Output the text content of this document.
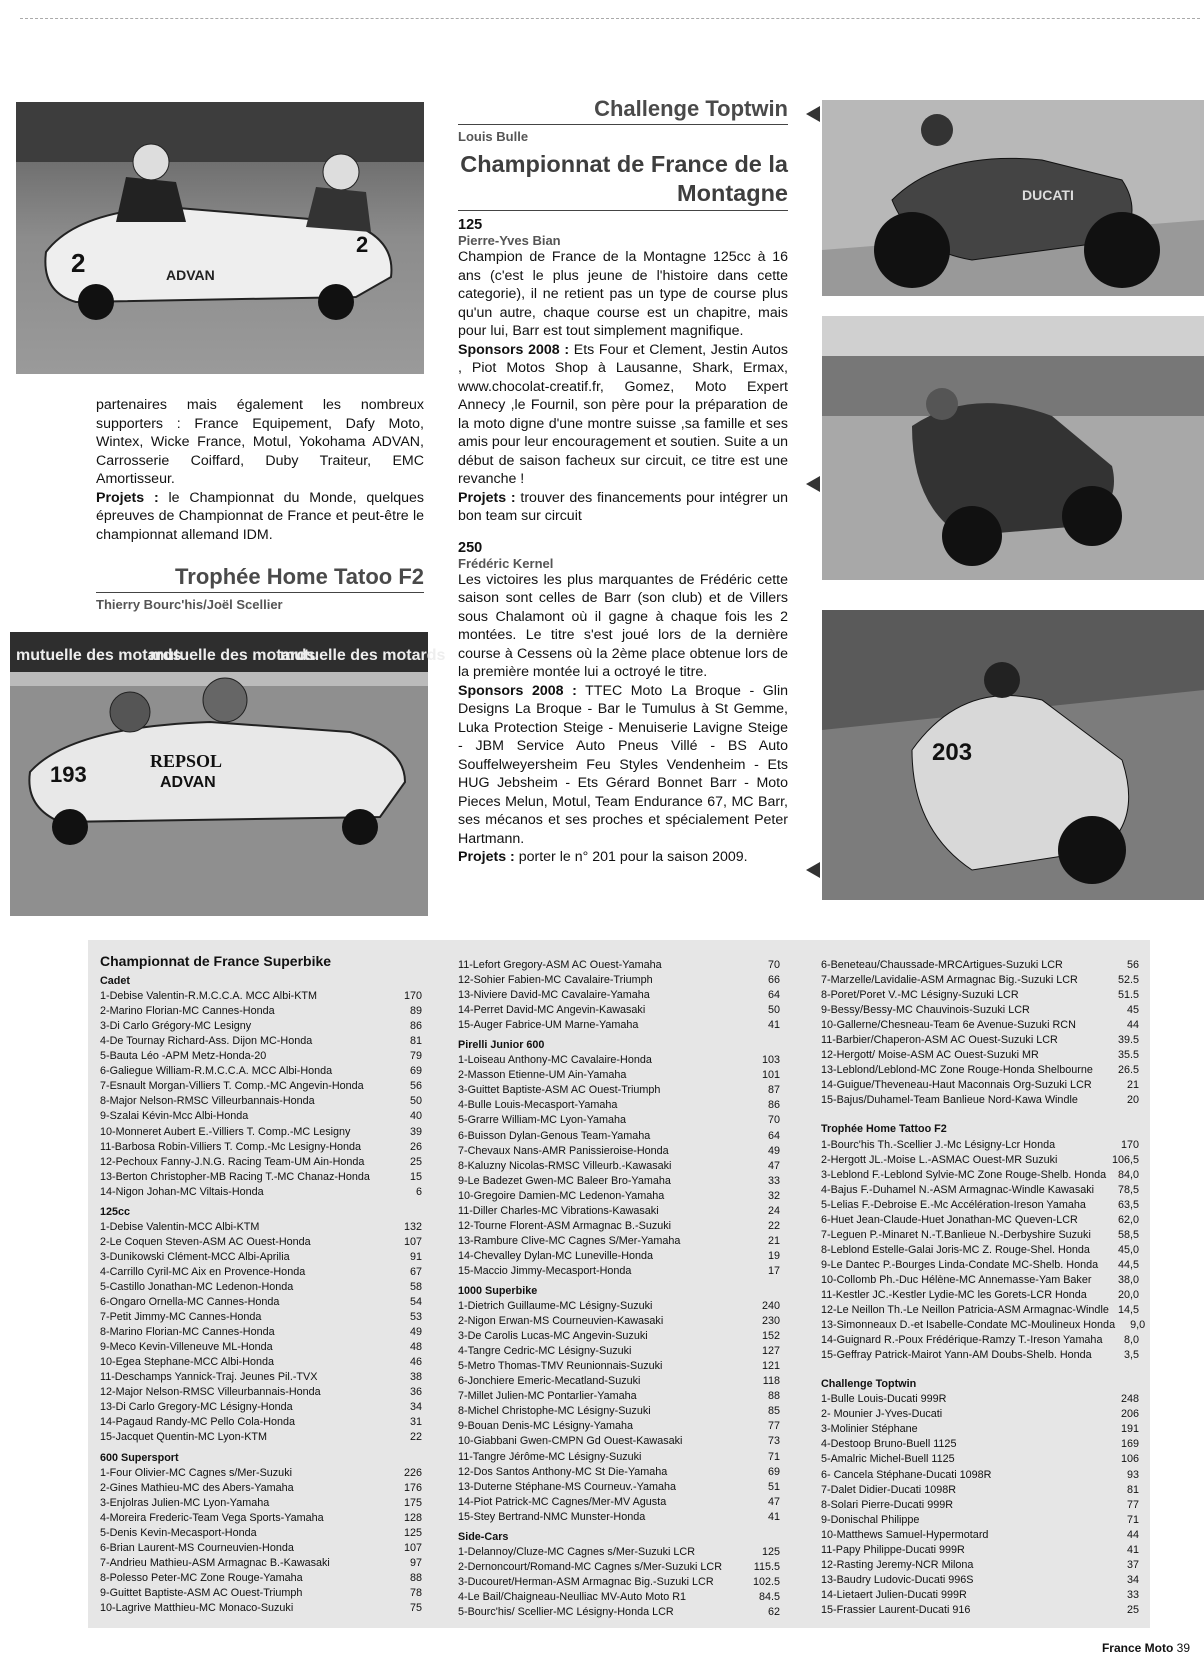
2
2
ADVAN

partenaires mais également les nombreux supporters : France Equipement, Dafy Moto, Wintex, Wicke France, Motul, Yokohama ADVAN, Carrosserie Coiffard, Duby Traiteur, EMC Amortisseur.
Projets : le Championnat du Monde, quelques épreuves de Championnat de France et peut-être le championnat allemand IDM.

Trophée Home Tatoo F2
Thierry Bourc'his/Joël Scellier
mutuelle des motards
mutuelle des motards
mutuelle des motards
193
REPSOL
ADVAN
Challenge Toptwin
Louis Bulle
Championnat de France de la Montagne
125
Pierre-Yves Bian

Champion de France de la Montagne 125cc à 16 ans (c'est le plus jeune de l'histoire dans cette categorie), il ne retient pas un type de course plus qu'un autre, chaque course est un chapitre, mais pour lui, Barr est tout simplement magnifique.
Sponsors 2008 : Ets Four et Clement, Jestin Autos , Piot Motos Shop à Lausanne, Shark, Ermax, www.chocolat-creatif.fr, Gomez, Moto Expert Annecy ,le Fournil, son père pour la préparation de la moto digne d'une montre suisse ,sa famille et ses amis pour leur encouragement et soutien. Suite a un début de saison facheux sur circuit, ce titre est une revanche !
Projets : trouver des financements pour intégrer un bon team sur circuit

250
Frédéric Kernel

Les victoires les plus marquantes de Frédéric cette saison sont celles de Barr (son club) et de Villers sous Chalamont où il gagne à chaque fois les 2 montées. Le titre s'est joué lors de la dernière course à Cessens où la 2ème place obtenue lors de la première montée lui a octroyé le titre.
Sponsors 2008 : TTEC Moto La Broque - Glin Designs La Broque - Bar le Tumulus à St Gemme, Luka Protection Steige - Menuiserie Lavigne Steige - JBM Service Auto Pneus Villé - BS Auto Souffelweyersheim Feu Styles Vendenheim - Ets HUG Jebsheim - Ets Gérard Bonnet Barr - Moto Pieces Melun, Motul, Team Endurance 67, MC Barr, ses mécanos et ses proches et spécialement Peter Hartmann.
Projets : porter le n° 201 pour la saison 2009.

DUCATI
203
Championnat de France Superbike
Cadet
1-Debise Valentin-R.M.C.C.A. MCC Albi-KTM	170
2-Marino Florian-MC Cannes-Honda	89
3-Di Carlo Grégory-MC Lesigny	86
4-De Tournay Richard-Ass. Dijon MC-Honda	81
5-Bauta Léo -APM Metz-Honda-20	79
6-Galiegue William-R.M.C.C.A. MCC Albi-Honda	69
7-Esnault Morgan-Villiers T. Comp.-MC Angevin-Honda	56
8-Major Nelson-RMSC Villeurbannais-Honda	50
9-Szalai Kévin-Mcc Albi-Honda	40
10-Monneret Aubert E.-Villiers T. Comp.-MC Lesigny	39
11-Barbosa Robin-Villiers T. Comp.-Mc Lesigny-Honda	26
12-Pechoux Fanny-J.N.G. Racing Team-UM Ain-Honda	25
13-Berton Christopher-MB Racing T.-MC Chanaz-Honda	15
14-Nigon Johan-MC Viltais-Honda	6
125cc
1-Debise Valentin-MCC Albi-KTM	132
2-Le Coquen Steven-ASM AC Ouest-Honda	107
3-Dunikowski Clément-MCC Albi-Aprilia	91
4-Carrillo Cyril-MC Aix en Provence-Honda	67
5-Castillo Jonathan-MC Ledenon-Honda	58
6-Ongaro Ornella-MC Cannes-Honda	54
7-Petit Jimmy-MC Cannes-Honda	53
8-Marino Florian-MC Cannes-Honda	49
9-Meco Kevin-Villeneuve ML-Honda	48
10-Egea Stephane-MCC Albi-Honda	46
11-Deschamps Yannick-Traj. Jeunes Pil.-TVX	38
12-Major Nelson-RMSC Villeurbannais-Honda	36
13-Di Carlo Gregory-MC Lésigny-Honda	34
14-Pagaud Randy-MC Pello Cola-Honda	31
15-Jacquet Quentin-MC Lyon-KTM	22
600 Supersport
1-Four Olivier-MC Cagnes s/Mer-Suzuki	226
2-Gines Mathieu-MC des Abers-Yamaha	176
3-Enjolras Julien-MC Lyon-Yamaha	175
4-Moreira Frederic-Team Vega Sports-Yamaha	128
5-Denis Kevin-Mecasport-Honda	125
6-Brian Laurent-MS Courneuvien-Honda	107
7-Andrieu Mathieu-ASM Armagnac B.-Kawasaki	97
8-Polesso Peter-MC Zone Rouge-Yamaha	88
9-Guittet Baptiste-ASM AC Ouest-Triumph	78
10-Lagrive Matthieu-MC Monaco-Suzuki	75
11-Lefort Gregory-ASM AC Ouest-Yamaha	70
12-Sohier Fabien-MC Cavalaire-Triumph	66
13-Niviere David-MC Cavalaire-Yamaha	64
14-Perret David-MC Angevin-Kawasaki	50
15-Auger Fabrice-UM Marne-Yamaha	41
Pirelli Junior 600
1-Loiseau Anthony-MC Cavalaire-Honda	103
2-Masson Etienne-UM Ain-Yamaha	101
3-Guittet Baptiste-ASM AC Ouest-Triumph	87
4-Bulle Louis-Mecasport-Yamaha	86
5-Grarre William-MC Lyon-Yamaha	70
6-Buisson Dylan-Genous Team-Yamaha	64
7-Chevaux Nans-AMR Panissieroise-Honda	49
8-Kaluzny Nicolas-RMSC Villeurb.-Kawasaki	47
9-Le Badezet Gwen-MC Baleer Bro-Yamaha	33
10-Gregoire Damien-MC Ledenon-Yamaha	32
11-Diller Charles-MC Vibrations-Kawasaki	24
12-Tourne Florent-ASM Armagnac B.-Suzuki	22
13-Rambure Clive-MC Cagnes S/Mer-Yamaha	21
14-Chevalley Dylan-MC Luneville-Honda	19
15-Maccio Jimmy-Mecasport-Honda	17
1000 Superbike
1-Dietrich Guillaume-MC Lésigny-Suzuki	240
2-Nigon Erwan-MS Courneuvien-Kawasaki	230
3-De Carolis Lucas-MC Angevin-Suzuki	152
4-Tangre Cedric-MC Lésigny-Suzuki	127
5-Metro Thomas-TMV Reunionnais-Suzuki	121
6-Jonchiere Emeric-Mecatland-Suzuki	118
7-Millet Julien-MC Pontarlier-Yamaha	88
8-Michel Christophe-MC Lésigny-Suzuki	85
9-Bouan Denis-MC Lésigny-Yamaha	77
10-Giabbani Gwen-CMPN Gd Ouest-Kawasaki	73
11-Tangre Jérôme-MC Lésigny-Suzuki	71
12-Dos Santos Anthony-MC St Die-Yamaha	69
13-Duterne Stéphane-MS Courneuv.-Yamaha	51
14-Piot Patrick-MC Cagnes/Mer-MV Agusta	47
15-Stey Bertrand-NMC Munster-Honda	41
Side-Cars
1-Delannoy/Cluze-MC Cagnes s/Mer-Suzuki LCR	125
2-Dernoncourt/Romand-MC Cagnes s/Mer-Suzuki LCR	115.5
3-Ducouret/Herman-ASM Armagnac Big.-Suzuki LCR	102.5
4-Le Bail/Chaigneau-Neulliac MV-Auto Moto R1	84.5
5-Bourc'his/ Scellier-MC Lésigny-Honda LCR	62
6-Beneteau/Chaussade-MRCArtigues-Suzuki LCR	56
7-Marzelle/Lavidalie-ASM Armagnac Big.-Suzuki LCR	52.5
8-Poret/Poret V.-MC Lésigny-Suzuki LCR	51.5
9-Bessy/Bessy-MC Chauvinois-Suzuki LCR	45
10-Gallerne/Chesneau-Team 6e Avenue-Suzuki RCN	44
11-Barbier/Chaperon-ASM AC Ouest-Suzuki LCR	39.5
12-Hergott/ Moise-ASM AC Ouest-Suzuki MR	35.5
13-Leblond/Leblond-MC Zone Rouge-Honda Shelbourne	26.5
14-Guigue/Theveneau-Haut Maconnais Org-Suzuki LCR	21
15-Bajus/Duhamel-Team Banlieue Nord-Kawa Windle	20
Trophée Home Tattoo F2
1-Bourc'his Th.-Scellier J.-Mc Lésigny-Lcr Honda	170
2-Hergott JL.-Moise L.-ASMAC Ouest-MR Suzuki	106,5
3-Leblond F.-Leblond Sylvie-MC Zone Rouge-Shelb. Honda	84,0
4-Bajus F.-Duhamel N.-ASM Armagnac-Windle Kawasaki	78,5
5-Lelias F.-Debroise E.-Mc Accélération-Ireson Yamaha	63,5
6-Huet Jean-Claude-Huet Jonathan-MC Queven-LCR	62,0
7-Leguen P.-Minaret N.-T.Banlieue N.-Derbyshire Suzuki	58,5
8-Leblond Estelle-Galai Joris-MC Z. Rouge-Shel. Honda	45,0
9-Le Dantec P.-Bourges Linda-Condate MC-Shelb. Honda	44,5
10-Collomb Ph.-Duc Hélène-MC Annemasse-Yam Baker	38,0
11-Kestler JC.-Kestler Lydie-MC les Gorets-LCR Honda	20,0
12-Le Neillon Th.-Le Neillon Patricia-ASM Armagnac-Windle 14,5
13-Simonneaux D.-et Isabelle-Condate MC-Moulineux Honda	9,0
14-Guignard R.-Poux Frédérique-Ramzy T.-Ireson Yamaha	8,0
15-Geffray Patrick-Mairot Yann-AM Doubs-Shelb. Honda	3,5
Challenge Toptwin
1-Bulle Louis-Ducati 999R	248
2- Mounier J-Yves-Ducati	206
3-Molinier Stéphane	191
4-Destoop Bruno-Buell 1125	169
5-Amalric Michel-Buell 1125	106
6- Cancela Stéphane-Ducati 1098R	93
7-Dalet Didier-Ducati 1098R	81
8-Solari Pierre-Ducati 999R	77
9-Donischal Philippe	71
10-Matthews Samuel-Hypermotard	44
11-Papy Philippe-Ducati 999R	41
12-Rasting Jeremy-NCR Milona	37
13-Baudry Ludovic-Ducati 996S	34
14-Lietaert Julien-Ducati 999R	33
15-Frassier Laurent-Ducati 916	25
France Moto 39
